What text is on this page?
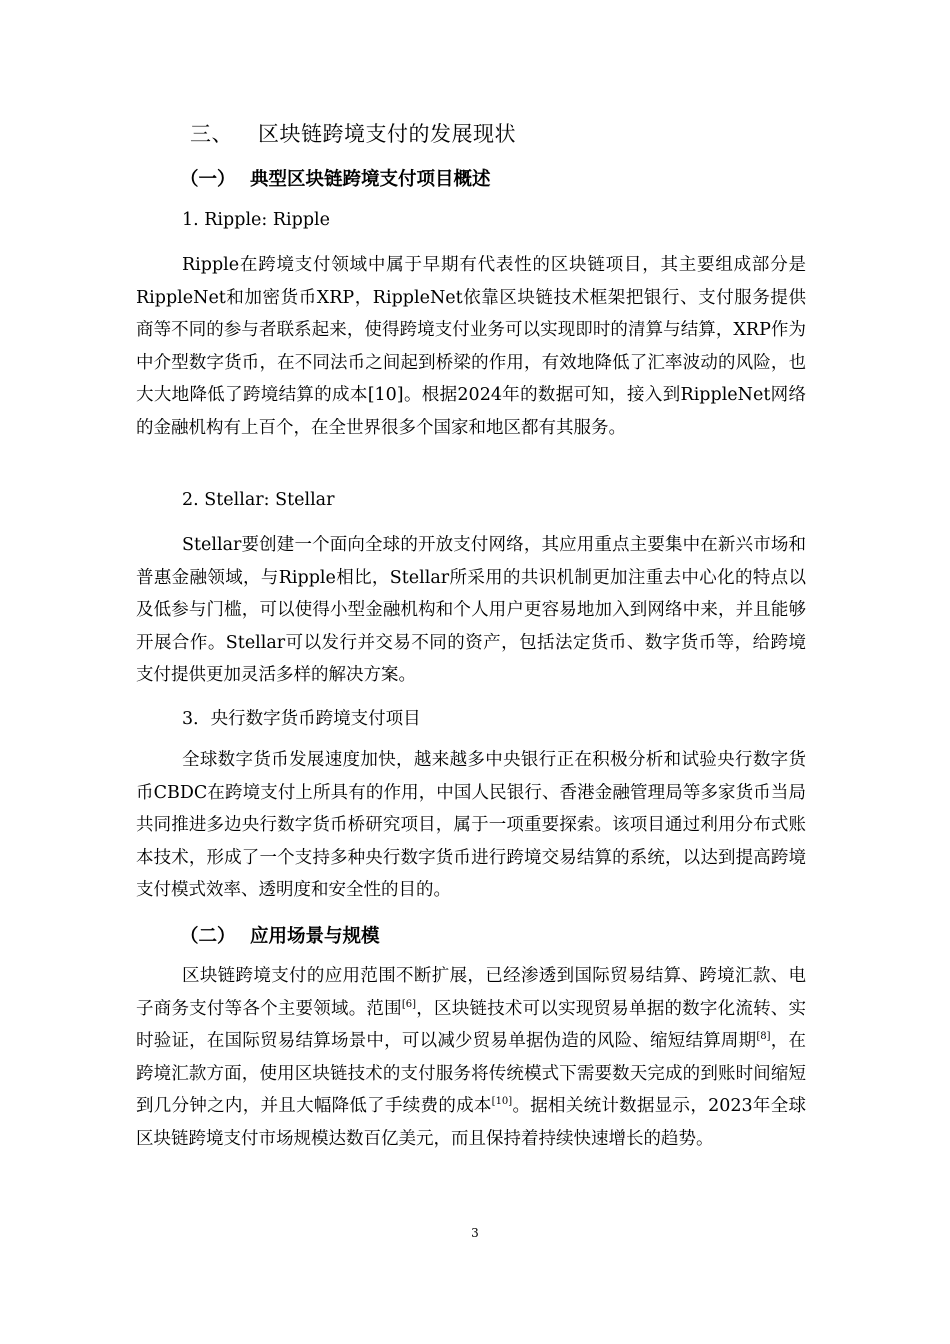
三、 区块链跨境支付的发展现状
（一） 典型区块链跨境支付项目概述
1. Ripple: Ripple

Ripple在跨境支付领域中属于早期有代表性的区块链项目，其主要组成部分是RippleNet和加密货币XRP，RippleNet依靠区块链技术框架把银行、支付服务提供商等不同的参与者联系起来，使得跨境支付业务可以实现即时的清算与结算，XRP作为中介型数字货币，在不同法币之间起到桥梁的作用，有效地降低了汇率波动的风险，也大大地降低了跨境结算的成本[10]。根据2024年的数据可知，接入到RippleNet网络的金融机构有上百个，在全世界很多个国家和地区都有其服务。

2. Stellar: Stellar

Stellar要创建一个面向全球的开放支付网络，其应用重点主要集中在新兴市场和普惠金融领域，与Ripple相比，Stellar所采用的共识机制更加注重去中心化的特点以及低参与门槛，可以使得小型金融机构和个人用户更容易地加入到网络中来，并且能够开展合作。Stellar可以发行并交易不同的资产，包括法定货币、数字货币等，给跨境支付提供更加灵活多样的解决方案。

3．央行数字货币跨境支付项目

全球数字货币发展速度加快，越来越多中央银行正在积极分析和试验央行数字货币CBDC在跨境支付上所具有的作用，中国人民银行、香港金融管理局等多家货币当局共同推进多边央行数字货币桥研究项目，属于一项重要探索。该项目通过利用分布式账本技术，形成了一个支持多种央行数字货币进行跨境交易结算的系统，以达到提高跨境支付模式效率、透明度和安全性的目的。

（二） 应用场景与规模

区块链跨境支付的应用范围不断扩展，已经渗透到国际贸易结算、跨境汇款、电子商务支付等各个主要领域。范围[6]，区块链技术可以实现贸易单据的数字化流转、实时验证，在国际贸易结算场景中，可以减少贸易单据伪造的风险、缩短结算周期[8]，在跨境汇款方面，使用区块链技术的支付服务将传统模式下需要数天完成的到账时间缩短到几分钟之内，并且大幅降低了手续费的成本[10]。据相关统计数据显示，2023年全球区块链跨境支付市场规模达数百亿美元，而且保持着持续快速增长的趋势。

3
